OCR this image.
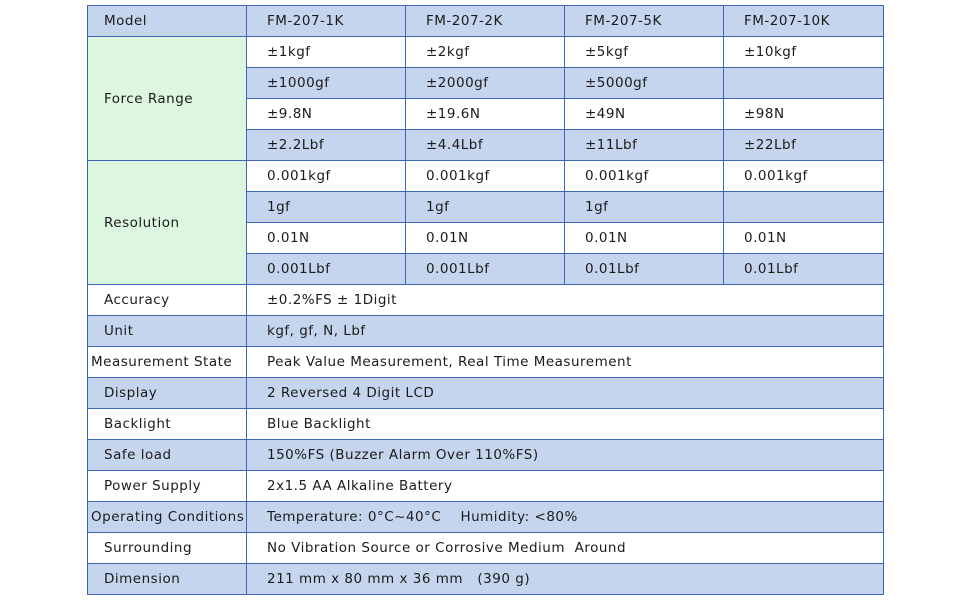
Model	FM-207-1K	FM-207-2K	FM-207-5K	FM-207-10K
Force Range	±1kgf	±2kgf	±5kgf	±10kgf
	±1000gf	±2000gf	±5000gf	
	±9.8N	±19.6N	±49N	±98N
	±2.2Lbf	±4.4Lbf	±11Lbf	±22Lbf
Resolution	0.001kgf	0.001kgf	0.001kgf	0.001kgf
	1gf	1gf	1gf	
	0.01N	0.01N	0.01N	0.01N
	0.001Lbf	0.001Lbf	0.01Lbf	0.01Lbf
Accuracy	±0.2%FS ± 1Digit			
Unit	kgf, gf, N, Lbf			
Measurement State	Peak Value Measurement, Real Time Measurement			
Display	2 Reversed 4 Digit LCD			
Backlight	Blue Backlight			
Safe load	150%FS (Buzzer Alarm Over 110%FS)			
Power Supply	2x1.5 AA Alkaline Battery			
Operating Conditions	Temperature: 0°C~40°C    Humidity: <80%			
Surrounding	No Vibration Source or Corrosive Medium  Around			
Dimension	211 mm x 80 mm x 36 mm   (390 g)			
